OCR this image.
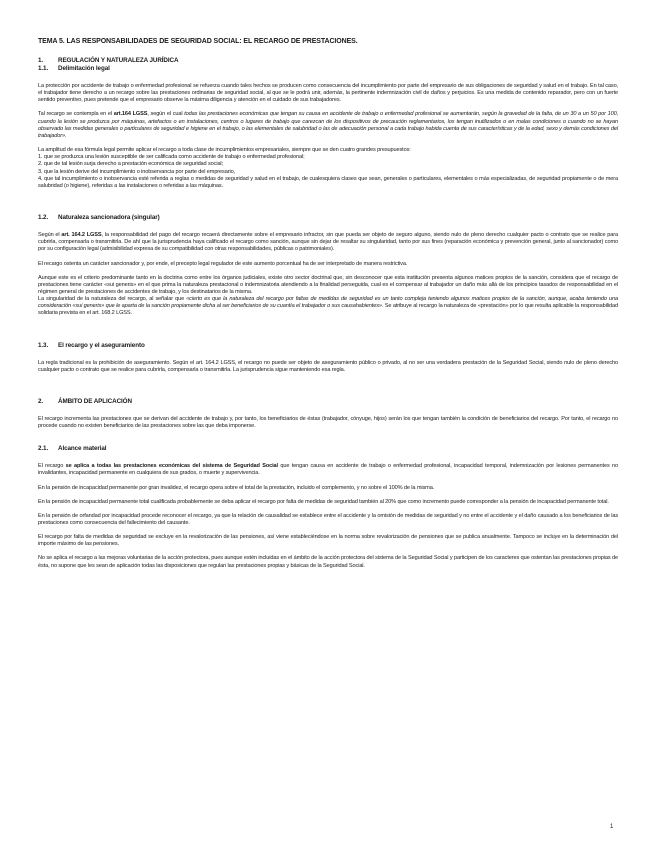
TEMA 5. LAS RESPONSABILIDADES DE SEGURIDAD SOCIAL: EL RECARGO DE PRESTACIONES.

1. REGULACIÓN Y NATURALEZA JURÍDICA

1.1. Delimitación legal

La protección por accidente de trabajo o enfermedad profesional se refuerza cuando tales hechos se producen como consecuencia del incumplimiento por parte del empresario de sus obligaciones de seguridad y salud en el trabajo. En tal caso, el trabajador tiene derecho a un recargo sobre las prestaciones ordinarias de seguridad social, al que se le podrá unir, además, la pertinente indemnización civil de daños y perjuicios. Es una medida de contenido reparador, pero con un fuerte sentido preventivo, pues pretende que el empresario observe la máxima diligencia y atención en el cuidado de sus trabajadores.

Tal recargo se contempla en el art.164 LGSS, según el cual todas las prestaciones económicas que tengan su causa en accidente de trabajo o enfermedad profesional se aumentarán, según la gravedad de la falta, de un 30 a un 50 por 100, cuando la lesión se produzca por máquinas, artefactos o en instalaciones, centros o lugares de trabajo que carezcan de los dispositivos de precaución reglamentarios, los tengan inutilizados o en malas condiciones o cuando no se hayan observado las medidas generales o particulares de seguridad e higiene en el trabajo, o las elementales de salubridad o las de adecuación personal a cada trabajo habida cuenta de sus características y de la edad, sexo y demás condiciones del trabajador».

La amplitud de esa fórmula legal permite aplicar el recargo a toda clase de incumplimientos empresariales, siempre que se den cuatro grandes presupuestos:

1. que se produzca una lesión susceptible de ser calificada como accidente de trabajo o enfermedad profesional;

2. que de tal lesión surja derecho a prestación económica de seguridad social;

3. que la lesión derive del incumplimiento o inobservancia por parte del empresario,

4. que tal incumplimiento o inobservancia esté referida a reglas o medidas de seguridad y salud en el trabajo, de cualesquiera clases que sean, generales o particulares, elementales o más especializadas, de seguridad propiamente o de mera salubridad (o higiene), referidas a las instalaciones o referidas a las máquinas.

1.2. Naturaleza sancionadora (singular)

Según el art. 164.2 LGSS, la responsabilidad del pago del recargo recaerá directamente sobre el empresario infractor, sin que pueda ser objeto de seguro alguno, siendo nulo de pleno derecho cualquier pacto o contrato que se realice para cubrirla, compensarla o transmitirla. De ahí que la jurisprudencia haya calificado el recargo como sanción, aunque sin dejar de resaltar su singularidad, tanto por sus fines (reparación económica y prevención general, junto al sancionador) como por su configuración legal (admisibilidad expresa de su compatibilidad con otras responsabilidades, públicas o patrimoniales).

El recargo ostenta un carácter sancionador y, por ende, el precepto legal regulador de este aumento porcentual ha de ser interpretado de manera restrictiva.

Aunque este es el criterio predominante tanto en la doctrina como entre los órganos judiciales, existe otro sector doctrinal que, sin desconocer que esta institución presenta algunos matices propios de la sanción, considera que el recargo de prestaciones tiene carácter «sui generis» en el que prima la naturaleza prestacional o indemnizatoria atendiendo a la finalidad perseguida, cual es el compensar al trabajador un daño más allá de los principios tasados de responsabilidad en el régimen general de prestaciones de accidentes de trabajo, y los destinatarios de la misma.

La singularidad de la naturaleza del recargo, al señalar que «cierto es que la naturaleza del recargo por faltas de medidas de seguridad es un tanto compleja teniendo algunos matices propios de la sanción, aunque, acaba teniendo una consideración «sui generis» que le aparta de la sanción propiamente dicha al ser beneficiarios de su cuantía el trabajador o sus causahabientes». Se atribuye al recargo la naturaleza de «prestación» por lo que resulta aplicable la responsabilidad solidaria prevista en el art. 168.2 LGSS.

1.3. El recargo y el aseguramiento

La regla tradicional es la prohibición de aseguramiento. Según el art. 164.2 LGSS, el recargo no puede ser objeto de aseguramiento público o privado, al no ser una verdadera prestación de la Seguridad Social, siendo nulo de pleno derecho cualquier pacto o contrato que se realice para cubrirla, compensarla o transmitirla. La jurisprudencia sigue manteniendo esa regla.

2. ÁMBITO DE APLICACIÓN

El recargo incrementa las prestaciones que se derivan del accidente de trabajo y, por tanto, los beneficiarios de éstas (trabajador, cónyuge, hijos) serán los que tengan también la condición de beneficiarios del recargo. Por tanto, el recargo no procede cuando no existen beneficiarios de las prestaciones sobre las que deba imponerse.

2.1. Alcance material

El recargo se aplica a todas las prestaciones económicas del sistema de Seguridad Social que tengan causa en accidente de trabajo o enfermedad profesional, incapacidad temporal, indemnización por lesiones permanentes no invalidantes, incapacidad permanente en cualquiera de sus grados, o muerte y supervivencia.

En la pensión de incapacidad permanente por gran invalidez, el recargo opera sobre el total de la prestación, incluido el complemento, y no sobre el 100% de la misma.

En la pensión de incapacidad permanente total cualificada probablemente se deba aplicar el recargo por falta de medidas de seguridad también al 20% que como incremento puede corresponder a la pensión de incapacidad permanente total.

En la pensión de orfandad por incapacidad procede reconocer el recargo, ya que la relación de causalidad se establece entre el accidente y la omisión de medidas de seguridad y no entre el accidente y el daño causado a los beneficiarios de las prestaciones como consecuencia del fallecimiento del causante.

El recargo por falta de medidas de seguridad se excluye en la revalorización de las pensiones, así viene estableciéndose en la norma sobre revalorización de pensiones que se publica anualmente. Tampoco se incluye en la determinación del importe máximo de las pensiones.

No se aplica el recargo a las mejoras voluntarias de la acción protectora, pues aunque estén incluidas en el ámbito de la acción protectora del sistema de la Seguridad Social y participen de los caracteres que ostentan las prestaciones propias de ésta, no supone que les sean de aplicación todas las disposiciones que regulan las prestaciones propias y básicas de la Seguridad Social.

1
